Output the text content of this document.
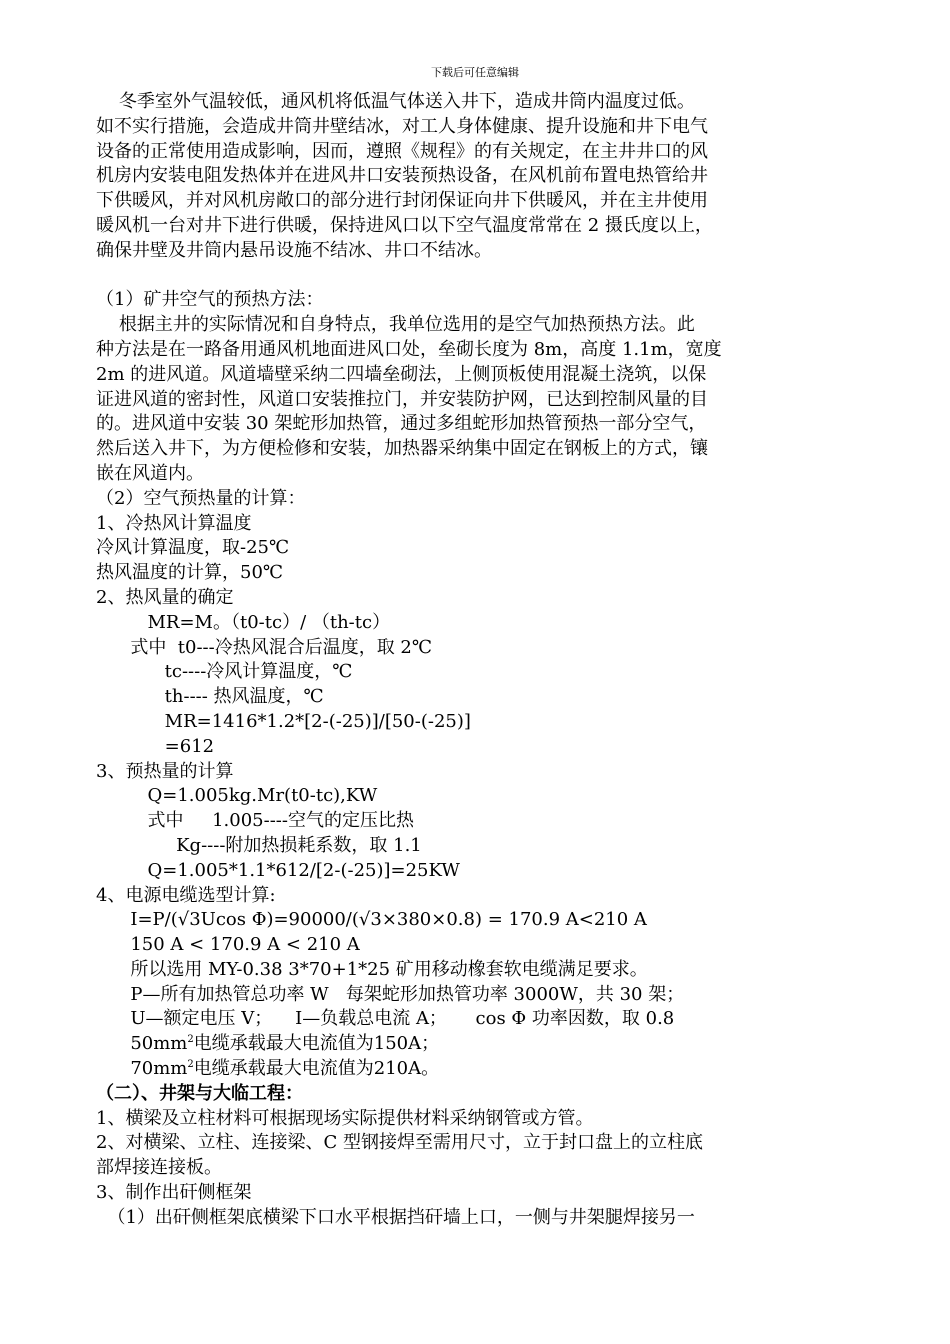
下载后可任意编辑
冬季室外气温较低，通风机将低温气体送入井下，造成井筒内温度过低。
如不实行措施，会造成井筒井壁结冰，对工人身体健康、提升设施和井下电气
设备的正常使用造成影响，因而，遵照《规程》的有关规定，在主井井口的风
机房内安装电阻发热体并在进风井口安装预热设备，在风机前布置电热管给井
下供暖风，并对风机房敞口的部分进行封闭保证向井下供暖风，并在主井使用
暖风机一台对井下进行供暖，保持进风口以下空气温度常常在 2 摄氏度以上，
确保井壁及井筒内悬吊设施不结冰、井口不结冰。
（1）矿井空气的预热方法：
根据主井的实际情况和自身特点，我单位选用的是空气加热预热方法。此
种方法是在一路备用通风机地面进风口处，垒砌长度为 8m，高度 1.1m，宽度
2m 的进风道。风道墙壁采纳二四墙垒砌法，上侧顶板使用混凝土浇筑，以保
证进风道的密封性，风道口安装推拉门，并安装防护网，已达到控制风量的目
的。进风道中安装 30 架蛇形加热管，通过多组蛇形加热管预热一部分空气，
然后送入井下，为方便检修和安装，加热器采纳集中固定在钢板上的方式，镶
嵌在风道内。
（2）空气预热量的计算：
1、冷热风计算温度
冷风计算温度，取-25℃
热风温度的计算，50℃
2、热风量的确定
MR=M。（t0-tc）/ （th-tc）
式中  t0---冷热风混合后温度，取 2℃
tc----冷风计算温度，℃
th---- 热风温度，℃
MR=1416*1.2*[2-(-25)]/[50-(-25)]
=612
3、预热量的计算
Q=1.005kg.Mr(t0-tc),KW
式中     1.005----空气的定压比热
Kg----附加热损耗系数，取 1.1
Q=1.005*1.1*612/[2-(-25)]=25KW
4、电源电缆选型计算:
I=P/(√3Ucos Φ)=90000/(√3×380×0.8) = 170.9 A<210 A
150 A < 170.9 A < 210 A
所以选用 MY-0.38 3*70+1*25 矿用移动橡套软电缆满足要求。
P—所有加热管总功率 W   每架蛇形加热管功率 3000W，共 30 架；
U—额定电压 V；    I—负载总电流 A；     cos Φ 功率因数，取 0.8
$50mm^2$电缆承载最大电流值为150A；
$70mm^2$电缆承载最大电流值为210A。
（二）、井架与大临工程：
1、横梁及立柱材料可根据现场实际提供材料采纳钢管或方管。
2、对横梁、立柱、连接梁、C 型钢接焊至需用尺寸，立于封口盘上的立柱底
部焊接连接板。
3、制作出矸侧框架
（1）出矸侧框架底横梁下口水平根据挡矸墙上口，一侧与井架腿焊接另一
